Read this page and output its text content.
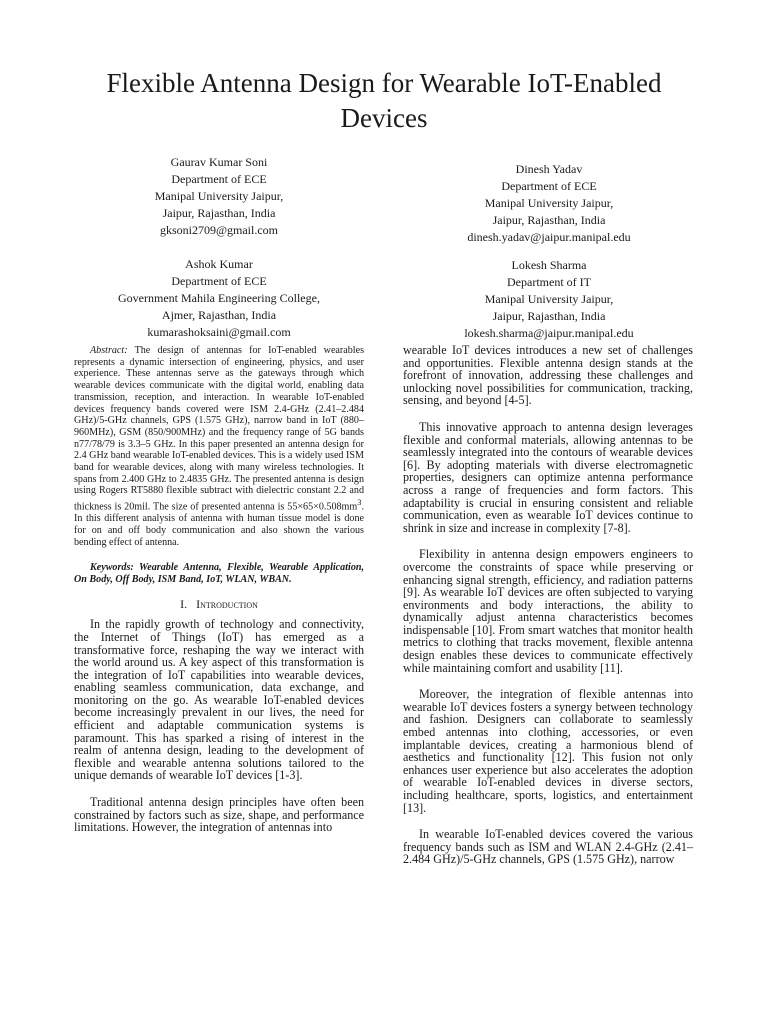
Flexible Antenna Design for Wearable IoT-Enabled Devices
Gaurav Kumar Soni
Department of ECE
Manipal University Jaipur,
Jaipur, Rajasthan, India
gksoni2709@gmail.com
Dinesh Yadav
Department of ECE
Manipal University Jaipur,
Jaipur, Rajasthan, India
dinesh.yadav@jaipur.manipal.edu
Ashok Kumar
Department of ECE
Government Mahila Engineering College,
Ajmer, Rajasthan, India
kumarashoksaini@gmail.com
Lokesh Sharma
Department of IT
Manipal University Jaipur,
Jaipur, Rajasthan, India
lokesh.sharma@jaipur.manipal.edu

Abstract: The design of antennas for IoT-enabled wearables represents a dynamic intersection of engineering, physics, and user experience. These antennas serve as the gateways through which wearable devices communicate with the digital world, enabling data transmission, reception, and interaction. In wearable IoT-enabled devices frequency bands covered were ISM 2.4-GHz (2.41–2.484 GHz)/5-GHz channels, GPS (1.575 GHz), narrow band in IoT (880–960MHz), GSM (850/900MHz) and the frequency range of 5G bands n77/78/79 is 3.3–5 GHz. In this paper presented an antenna design for 2.4 GHz band wearable IoT-enabled devices. This is a widely used ISM band for wearable devices, along with many wireless technologies. It spans from 2.400 GHz to 2.4835 GHz. The presented antenna is design using Rogers RT5880 flexible subtract with dielectric constant 2.2 and thickness is 20mil. The size of presented antenna is $55\times 65\times 0.508mm^3$. In this different analysis of antenna with human tissue model is done for on and off body communication and also shown the various bending effect of antenna.

Keywords: Wearable Antenna, Flexible, Wearable Application, On Body, Off Body, ISM Band, IoT, WLAN, WBAN.

I. Introduction

In the rapidly growth of technology and connectivity, the Internet of Things (IoT) has emerged as a transformative force, reshaping the way we interact with the world around us. A key aspect of this transformation is the integration of IoT capabilities into wearable devices, enabling seamless communication, data exchange, and monitoring on the go. As wearable IoT-enabled devices become increasingly prevalent in our lives, the need for efficient and adaptable communication systems is paramount. This has sparked a rising of interest in the realm of antenna design, leading to the development of flexible and wearable antenna solutions tailored to the unique demands of wearable IoT devices [1-3].

Traditional antenna design principles have often been constrained by factors such as size, shape, and performance limitations. However, the integration of antennas into

wearable IoT devices introduces a new set of challenges and opportunities. Flexible antenna design stands at the forefront of innovation, addressing these challenges and unlocking novel possibilities for communication, tracking, sensing, and beyond [4-5].

This innovative approach to antenna design leverages flexible and conformal materials, allowing antennas to be seamlessly integrated into the contours of wearable devices [6]. By adopting materials with diverse electromagnetic properties, designers can optimize antenna performance across a range of frequencies and form factors. This adaptability is crucial in ensuring consistent and reliable communication, even as wearable IoT devices continue to shrink in size and increase in complexity [7-8].

Flexibility in antenna design empowers engineers to overcome the constraints of space while preserving or enhancing signal strength, efficiency, and radiation patterns [9]. As wearable IoT devices are often subjected to varying environments and body interactions, the ability to dynamically adjust antenna characteristics becomes indispensable [10]. From smart watches that monitor health metrics to clothing that tracks movement, flexible antenna design enables these devices to communicate effectively while maintaining comfort and usability [11].

Moreover, the integration of flexible antennas into wearable IoT devices fosters a synergy between technology and fashion. Designers can collaborate to seamlessly embed antennas into clothing, accessories, or even implantable devices, creating a harmonious blend of aesthetics and functionality [12]. This fusion not only enhances user experience but also accelerates the adoption of wearable IoT-enabled devices in diverse sectors, including healthcare, sports, logistics, and entertainment [13].

In wearable IoT-enabled devices covered the various frequency bands such as ISM and WLAN 2.4-GHz (2.41–2.484 GHz)/5-GHz channels, GPS (1.575 GHz), narrow
